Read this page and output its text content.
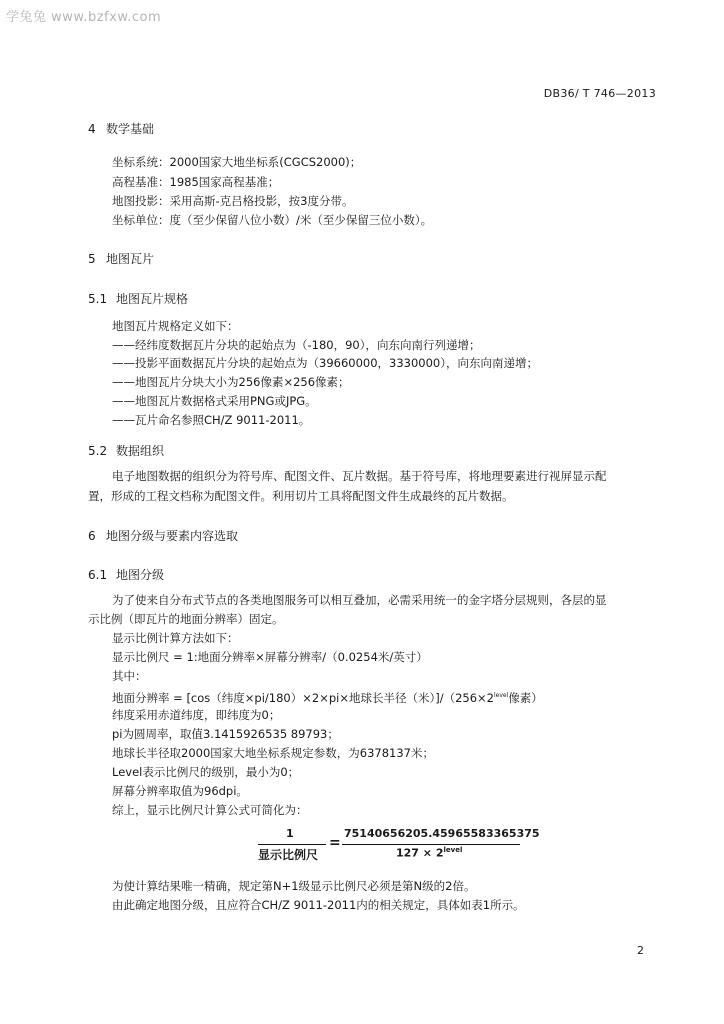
学兔兔 www.bzfxw.com
DB36/ T 746—2013
4 数学基础
坐标系统：2000国家大地坐标系(CGCS2000)；
高程基准：1985国家高程基准；
地图投影：采用高斯-克吕格投影，按3度分带。
坐标单位：度（至少保留八位小数）/米（至少保留三位小数）。
5 地图瓦片
5.1 地图瓦片规格
地图瓦片规格定义如下：
——经纬度数据瓦片分块的起始点为（-180，90），向东向南行列递增；
——投影平面数据瓦片分块的起始点为（39660000，3330000），向东向南递增；
——地图瓦片分块大小为256像素×256像素；
——地图瓦片数据格式采用PNG或JPG。
——瓦片命名参照CH/Z 9011-2011。
5.2 数据组织
电子地图数据的组织分为符号库、配图文件、瓦片数据。基于符号库，将地理要素进行视屏显示配
置，形成的工程文档称为配图文件。利用切片工具将配图文件生成最终的瓦片数据。
6 地图分级与要素内容选取
6.1 地图分级
为了使来自分布式节点的各类地图服务可以相互叠加，必需采用统一的金字塔分层规则，各层的显
示比例（即瓦片的地面分辨率）固定。
显示比例计算方法如下：
显示比例尺 = 1:地面分辨率×屏幕分辨率/（0.0254米/英寸）
其中：
地面分辨率 = [cos（纬度×pi/180）×2×pi×地球长半径（米）]$/(256\times 2^{level}$像素）
纬度采用赤道纬度，即纬度为0；
pi为圆周率，取值3.1415926535 89793；
地球长半径取2000国家大地坐标系规定参数，为6378137米；
Level表示比例尺的级别，最小为0；
屏幕分辨率取值为96dpi。
综上，显示比例尺计算公式可简化为：
1
显示比例尺
=
75140656205.45965583365375
$127 \times 2^{level}$
为使计算结果唯一精确，规定第N+1级显示比例尺必须是第N级的2倍。
由此确定地图分级，且应符合CH/Z 9011-2011内的相关规定，具体如表1所示。
2
